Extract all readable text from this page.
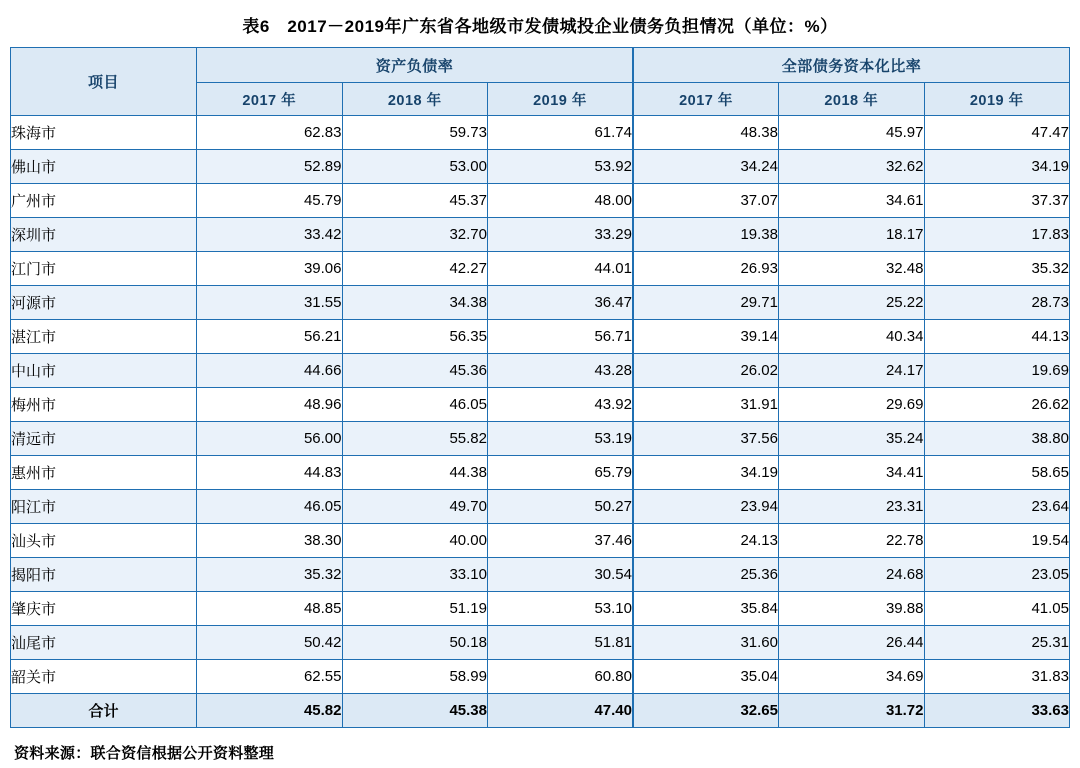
表6　2017－2019年广东省各地级市发债城投企业债务负担情况（单位：%）
项目	资产负债率			全部债务资本化比率		
	2017 年	2018 年	2019 年	2017 年	2018 年	2019 年
珠海市	62.83	59.73	61.74	48.38	45.97	47.47
佛山市	52.89	53.00	53.92	34.24	32.62	34.19
广州市	45.79	45.37	48.00	37.07	34.61	37.37
深圳市	33.42	32.70	33.29	19.38	18.17	17.83
江门市	39.06	42.27	44.01	26.93	32.48	35.32
河源市	31.55	34.38	36.47	29.71	25.22	28.73
湛江市	56.21	56.35	56.71	39.14	40.34	44.13
中山市	44.66	45.36	43.28	26.02	24.17	19.69
梅州市	48.96	46.05	43.92	31.91	29.69	26.62
清远市	56.00	55.82	53.19	37.56	35.24	38.80
惠州市	44.83	44.38	65.79	34.19	34.41	58.65
阳江市	46.05	49.70	50.27	23.94	23.31	23.64
汕头市	38.30	40.00	37.46	24.13	22.78	19.54
揭阳市	35.32	33.10	30.54	25.36	24.68	23.05
肇庆市	48.85	51.19	53.10	35.84	39.88	41.05
汕尾市	50.42	50.18	51.81	31.60	26.44	25.31
韶关市	62.55	58.99	60.80	35.04	34.69	31.83
合计	45.82	45.38	47.40	32.65	31.72	33.63
资料来源：联合资信根据公开资料整理
